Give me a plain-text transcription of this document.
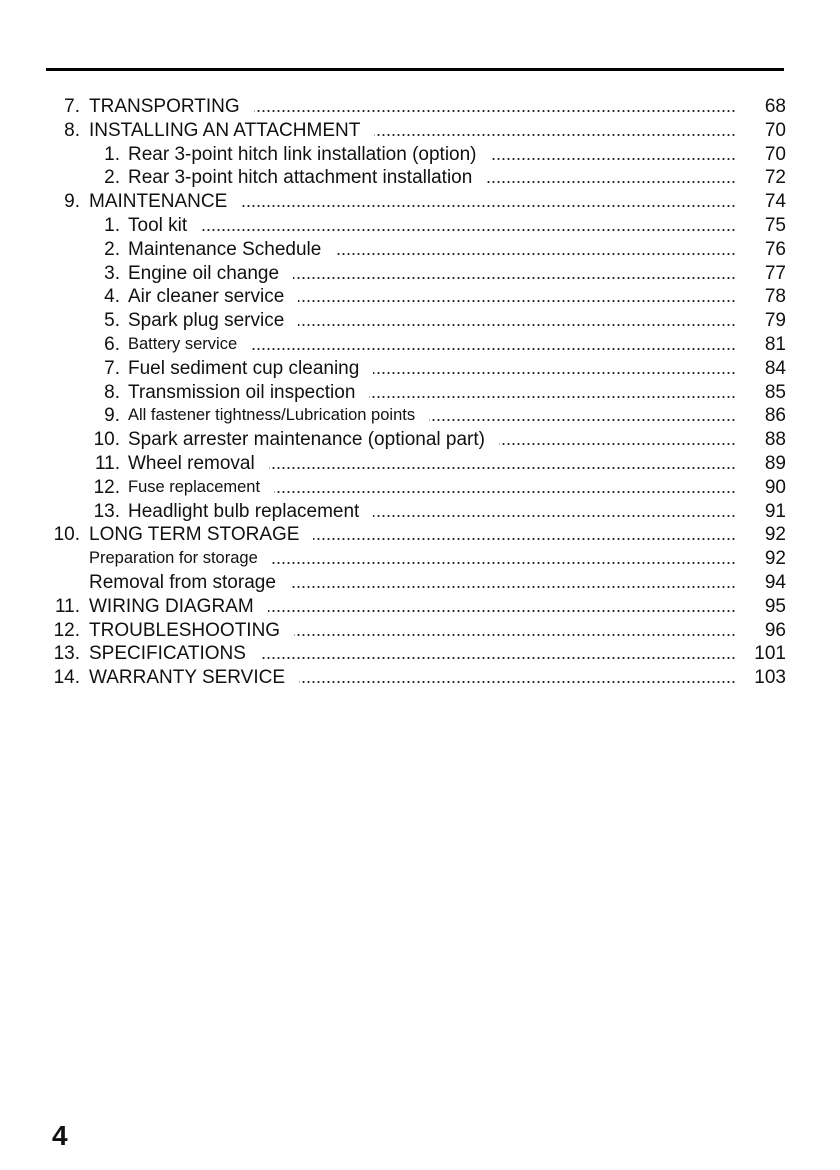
7. TRANSPORTING	68
8. INSTALLING AN ATTACHMENT	70
1. Rear 3-point hitch link installation (option)	70
2. Rear 3-point hitch attachment installation	72
9. MAINTENANCE	74
1. Tool kit	75
2. Maintenance Schedule	76
3. Engine oil change	77
4. Air cleaner service	78
5. Spark plug service	79
6. Battery service	81
7. Fuel sediment cup cleaning	84
8. Transmission oil inspection	85
9. All fastener tightness/Lubrication points	86
10. Spark arrester maintenance (optional part)	88
11. Wheel removal	89
12. Fuse replacement	90
13. Headlight bulb replacement	91
10. LONG TERM STORAGE	92
Preparation for storage	92
Removal from storage	94
11. WIRING DIAGRAM	95
12. TROUBLESHOOTING	96
13. SPECIFICATIONS	101
14. WARRANTY SERVICE	103
4
